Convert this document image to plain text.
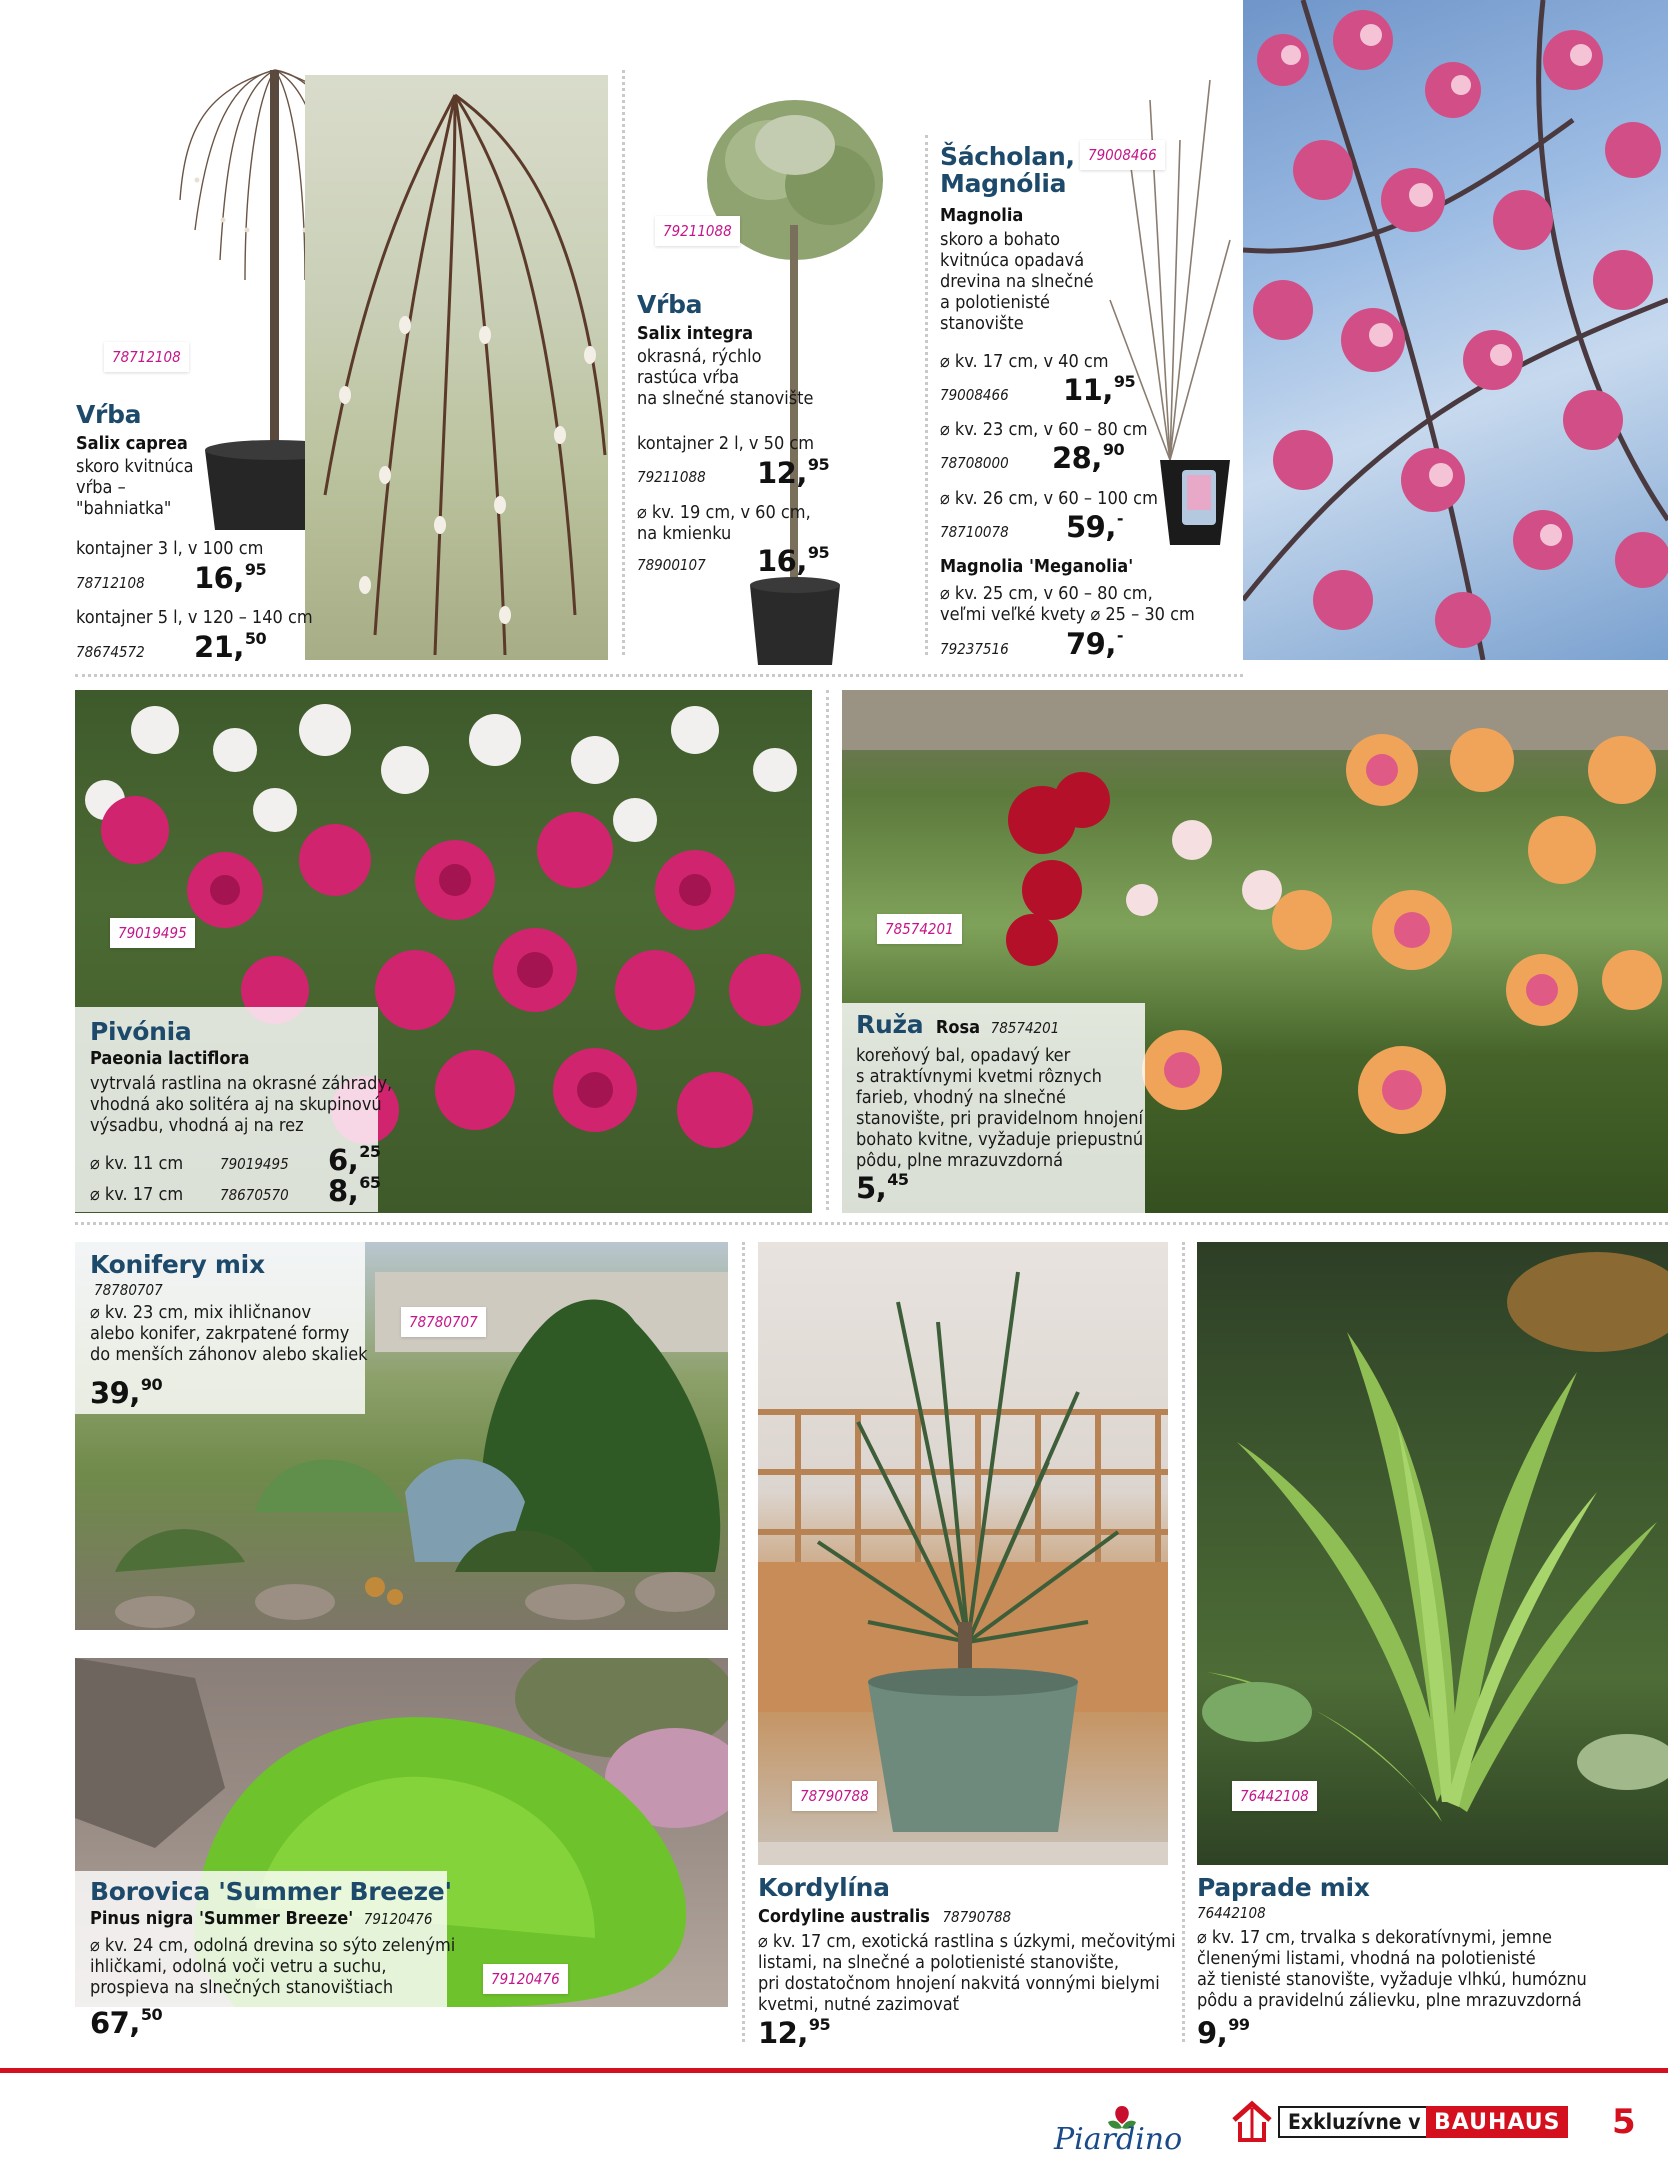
78712108
Vŕba
Salix caprea
skoro kvitnúca
vŕba –
"bahniatka"
kontajner 3 l, v 100 cm
78712108 16,95
kontajner 5 l, v 120 – 140 cm
78674572 21,50
79211088
Vŕba
Salix integra
okrasná, rýchlo
rastúca vŕba
na slnečné stanovište
kontajner 2 l, v 50 cm
79211088 12,95
⌀ kv. 19 cm, v 60 cm,
na kmienku
78900107 16,95
79008466
Šácholan,
Magnólia
Magnolia
skoro a bohato
kvitnúca opadavá
drevina na slnečné
a polotienisté
stanovište
⌀ kv. 17 cm, v 40 cm
79008466 11,95
⌀ kv. 23 cm, v 60 – 80 cm
78708000 28,90
⌀ kv. 26 cm, v 60 – 100 cm
78710078 59,-
Magnolia 'Meganolia'
⌀ kv. 25 cm, v 60 – 80 cm,
veľmi veľké kvety ⌀ 25 – 30 cm
79237516 79,-
79019495
Pivónia
Paeonia lactiflora
vytrvalá rastlina na okrasné záhrady,
vhodná ako solitéra aj na skupinovú
výsadbu, vhodná aj na rez
⌀ kv. 11 cm 79019495 6,25
⌀ kv. 17 cm 78670570 8,65
78574201
Ruža Rosa 78574201
koreňový bal, opadavý ker
s atraktívnymi kvetmi rôznych
farieb, vhodný na slnečné
stanovište, pri pravidelnom hnojení
bohato kvitne, vyžaduje priepustnú
pôdu, plne mrazuvzdorná
5,45
78780707
Konifery mix
78780707
⌀ kv. 23 cm, mix ihličnanov
alebo konifer, zakrpatené formy
do menších záhonov alebo skaliek
39,90
79120476
Borovica 'Summer Breeze'
Pinus nigra 'Summer Breeze' 79120476
⌀ kv. 24 cm, odolná drevina so sýto zelenými
ihličkami, odolná voči vetru a suchu,
prospieva na slnečných stanovištiach
67,50
78790788
Kordylína
Cordyline australis 78790788
⌀ kv. 17 cm, exotická rastlina s úzkymi, mečovitými
listami, na slnečné a polotienisté stanovište,
pri dostatočnom hnojení nakvitá vonnými bielymi
kvetmi, nutné zazimovať
12,95
76442108
Paprade mix
76442108
⌀ kv. 17 cm, trvalka s dekoratívnymi, jemne
členenými listami, vhodná na polotienisté
až tienisté stanovište, vyžaduje vlhkú, humóznu
pôdu a pravidelnú zálievku, plne mrazuvzdorná
9,99
Piardino	Exkluzívne v BAUHAUS 5
